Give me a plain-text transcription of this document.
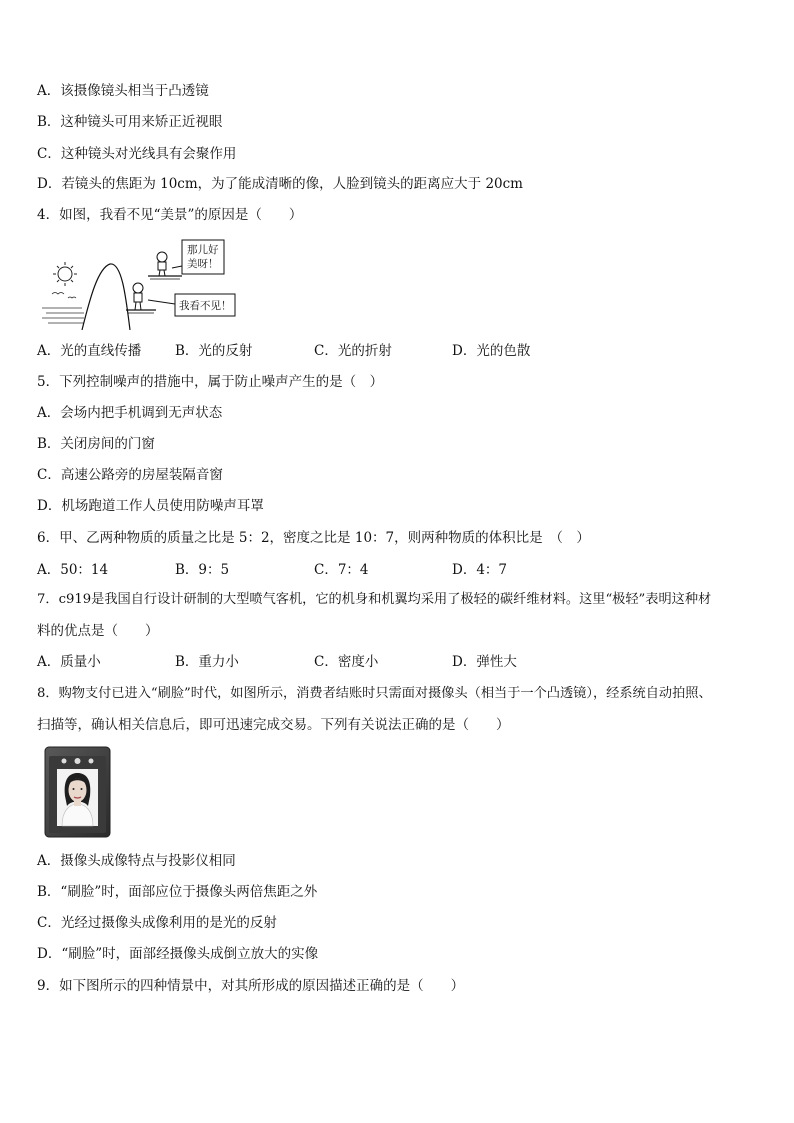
A．该摄像镜头相当于凸透镜
B．这种镜头可用来矫正近视眼
C．这种镜头对光线具有会聚作用
D．若镜头的焦距为 10cm，为了能成清晰的像，人脸到镜头的距离应大于 20cm
4．如图，我看不见“美景”的原因是（　　）
那儿好
美呀！
我看不见！
A．光的直线传播	B．光的反射	C．光的折射	D．光的色散
5．下列控制噪声的措施中，属于防止噪声产生的是（　）
A．会场内把手机调到无声状态
B．关闭房间的门窗
C．高速公路旁的房屋装隔音窗
D．机场跑道工作人员使用防噪声耳罩
6．甲、乙两种物质的质量之比是 5：2，密度之比是 10：7，则两种物质的体积比是　（　）
A．50：14	B．9：5	C．7：4	D．4：7
7．c919是我国自行设计研制的大型喷气客机，它的机身和机翼均采用了极轻的碳纤维材料。这里“极轻”表明这种材
料的优点是（　　）
A．质量小	B．重力小	C．密度小	D．弹性大
8．购物支付已进入“刷脸”时代，如图所示，消费者结账时只需面对摄像头（相当于一个凸透镜），经系统自动拍照、
扫描等，确认相关信息后，即可迅速完成交易。下列有关说法正确的是（　　）
A．摄像头成像特点与投影仪相同
B．“刷脸”时，面部应位于摄像头两倍焦距之外
C．光经过摄像头成像利用的是光的反射
D．“刷脸”时，面部经摄像头成倒立放大的实像
9．如下图所示的四种情景中，对其所形成的原因描述正确的是（　　）
